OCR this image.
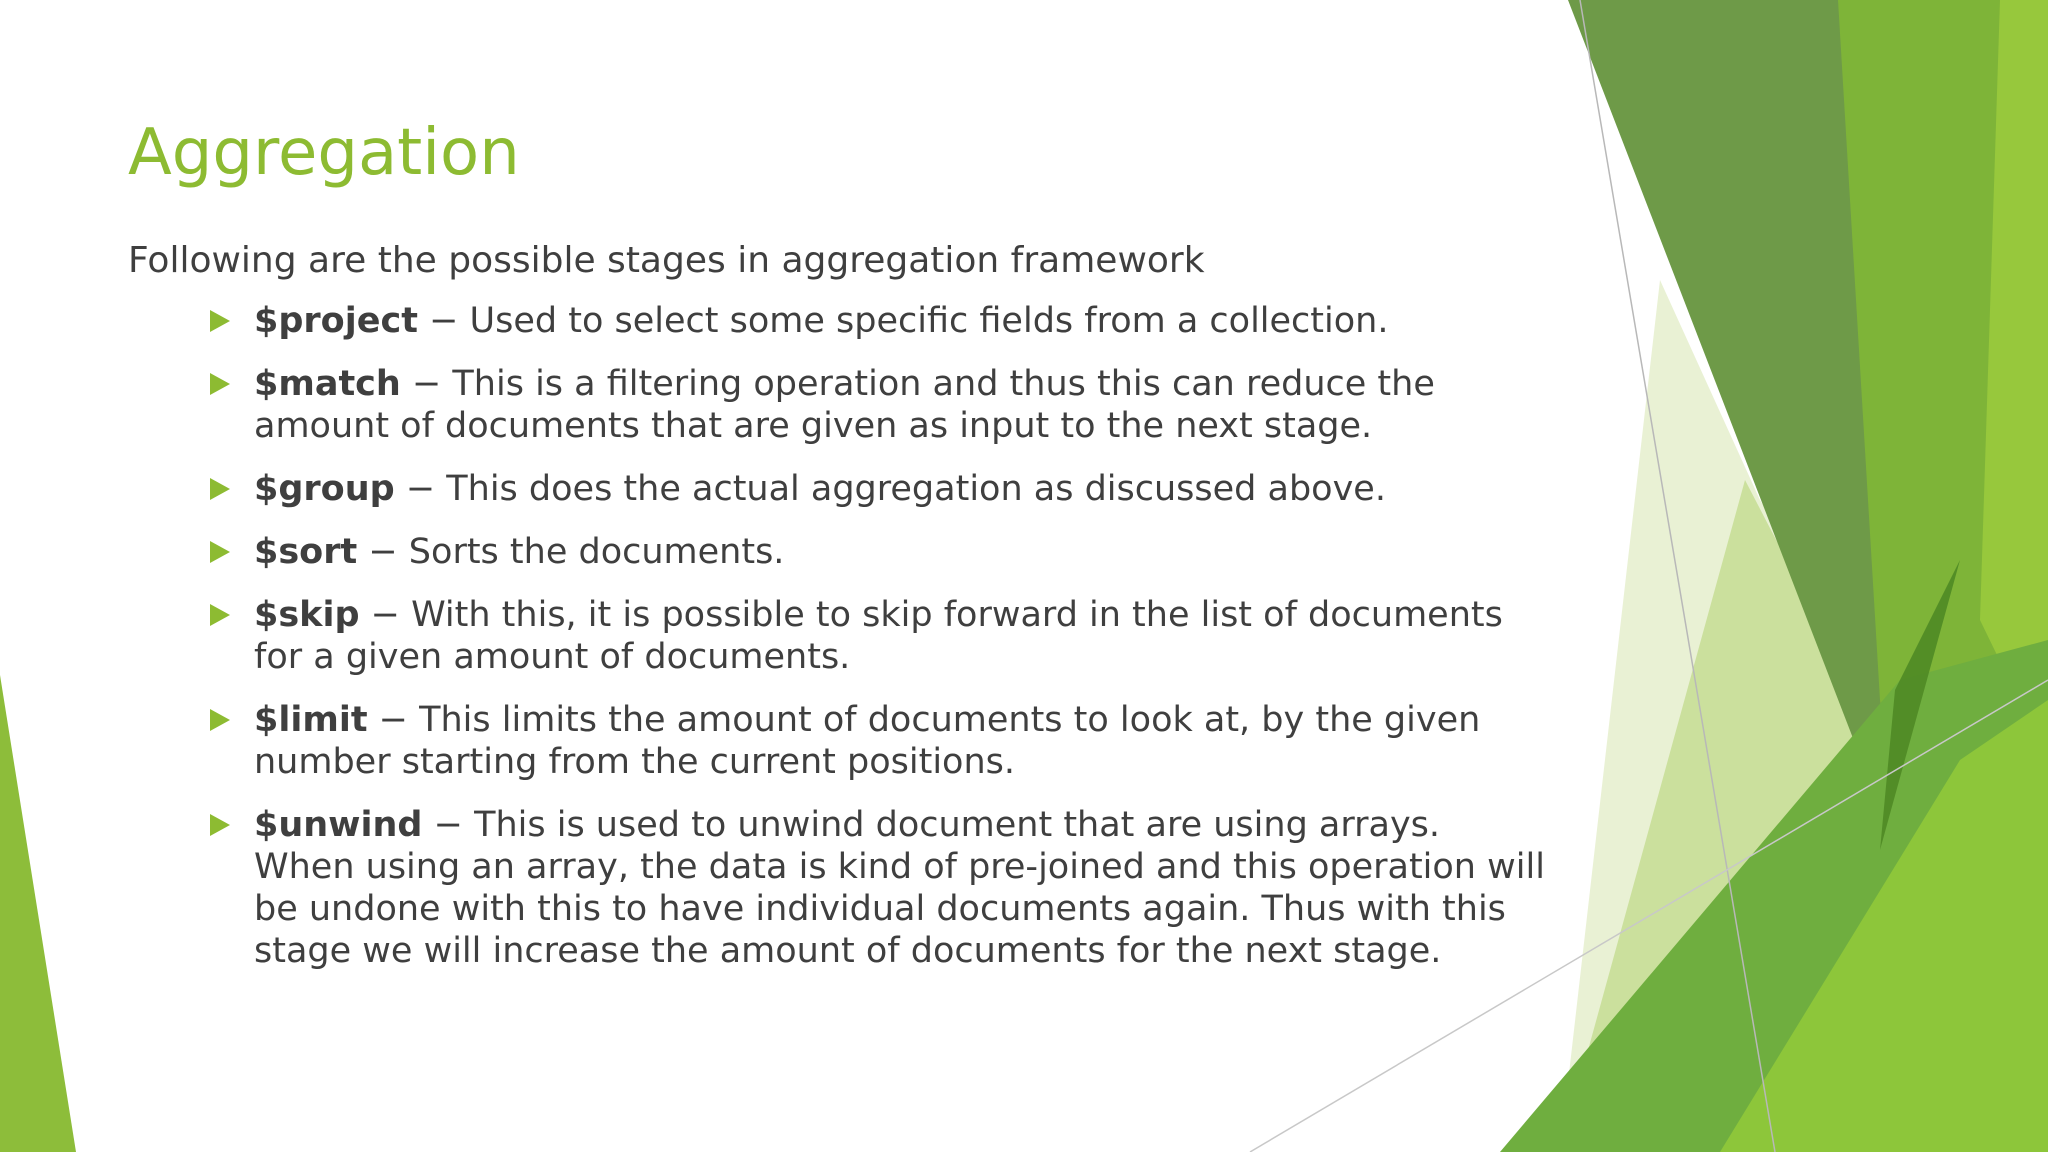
Aggregation

Following are the possible stages in aggregation framework

$project − Used to select some specific fields from a collection.
$match − This is a filtering operation and thus this can reduce the amount of documents that are given as input to the next stage.
$group − This does the actual aggregation as discussed above.
$sort − Sorts the documents.
$skip − With this, it is possible to skip forward in the list of documents for a given amount of documents.
$limit − This limits the amount of documents to look at, by the given number starting from the current positions.
$unwind − This is used to unwind document that are using arrays. When using an array, the data is kind of pre-joined and this operation will be undone with this to have individual documents again. Thus with this stage we will increase the amount of documents for the next stage.
